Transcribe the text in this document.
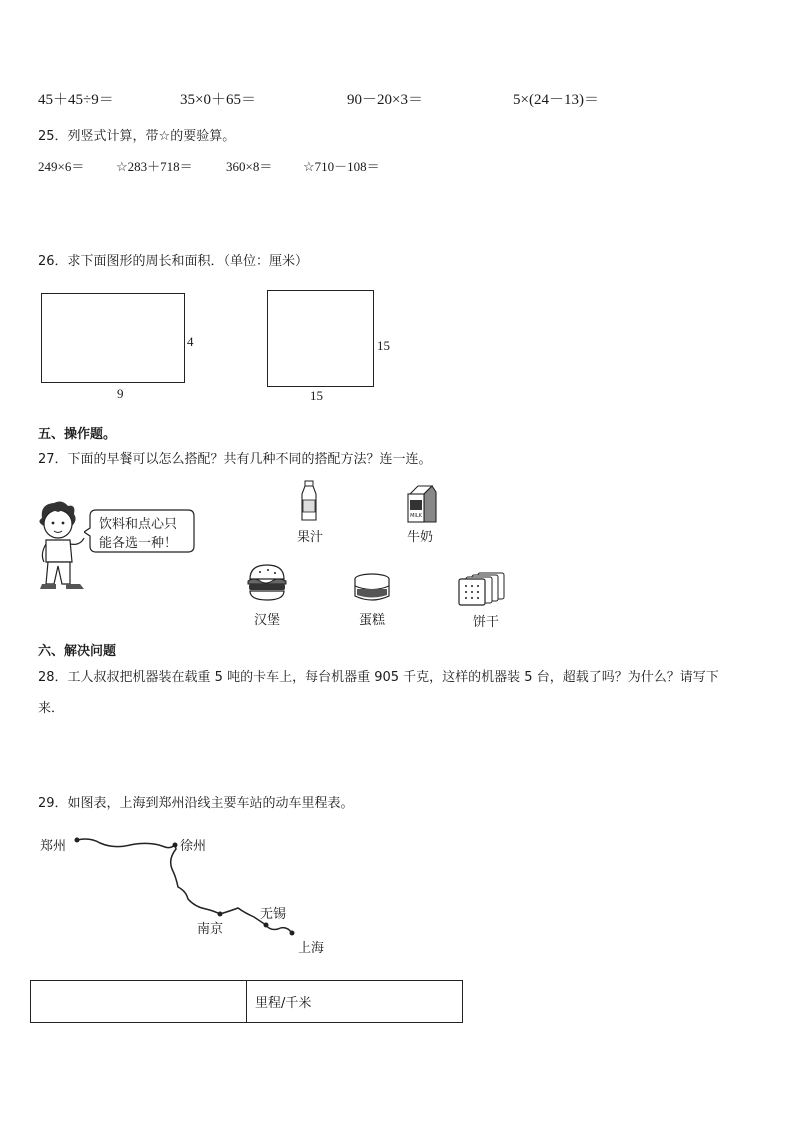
45＋45÷9＝	35×0＋65＝	90－20×3＝	5×(24－13)＝
25．列竖式计算，带☆的要验算。
249×6＝ ☆283＋718＝	360×8＝ ☆710－108＝
26．求下面图形的周长和面积．（单位：厘米）
4
9
15
15
五、操作题。
27．下面的早餐可以怎么搭配？共有几种不同的搭配方法？连一连。
饮料和点心只
能各选一种！	果汁
MILK
牛奶
汉堡	蛋糕	饼干
六、解决问题
28．工人叔叔把机器装在载重 5 吨的卡车上，每台机器重 905 千克，这样的机器装 5 台，超载了吗？为什么？请写下
来．
29．如图表，上海到郑州沿线主要车站的动车里程表。
郑州	徐州
南京
无锡
上海
	里程/千米
